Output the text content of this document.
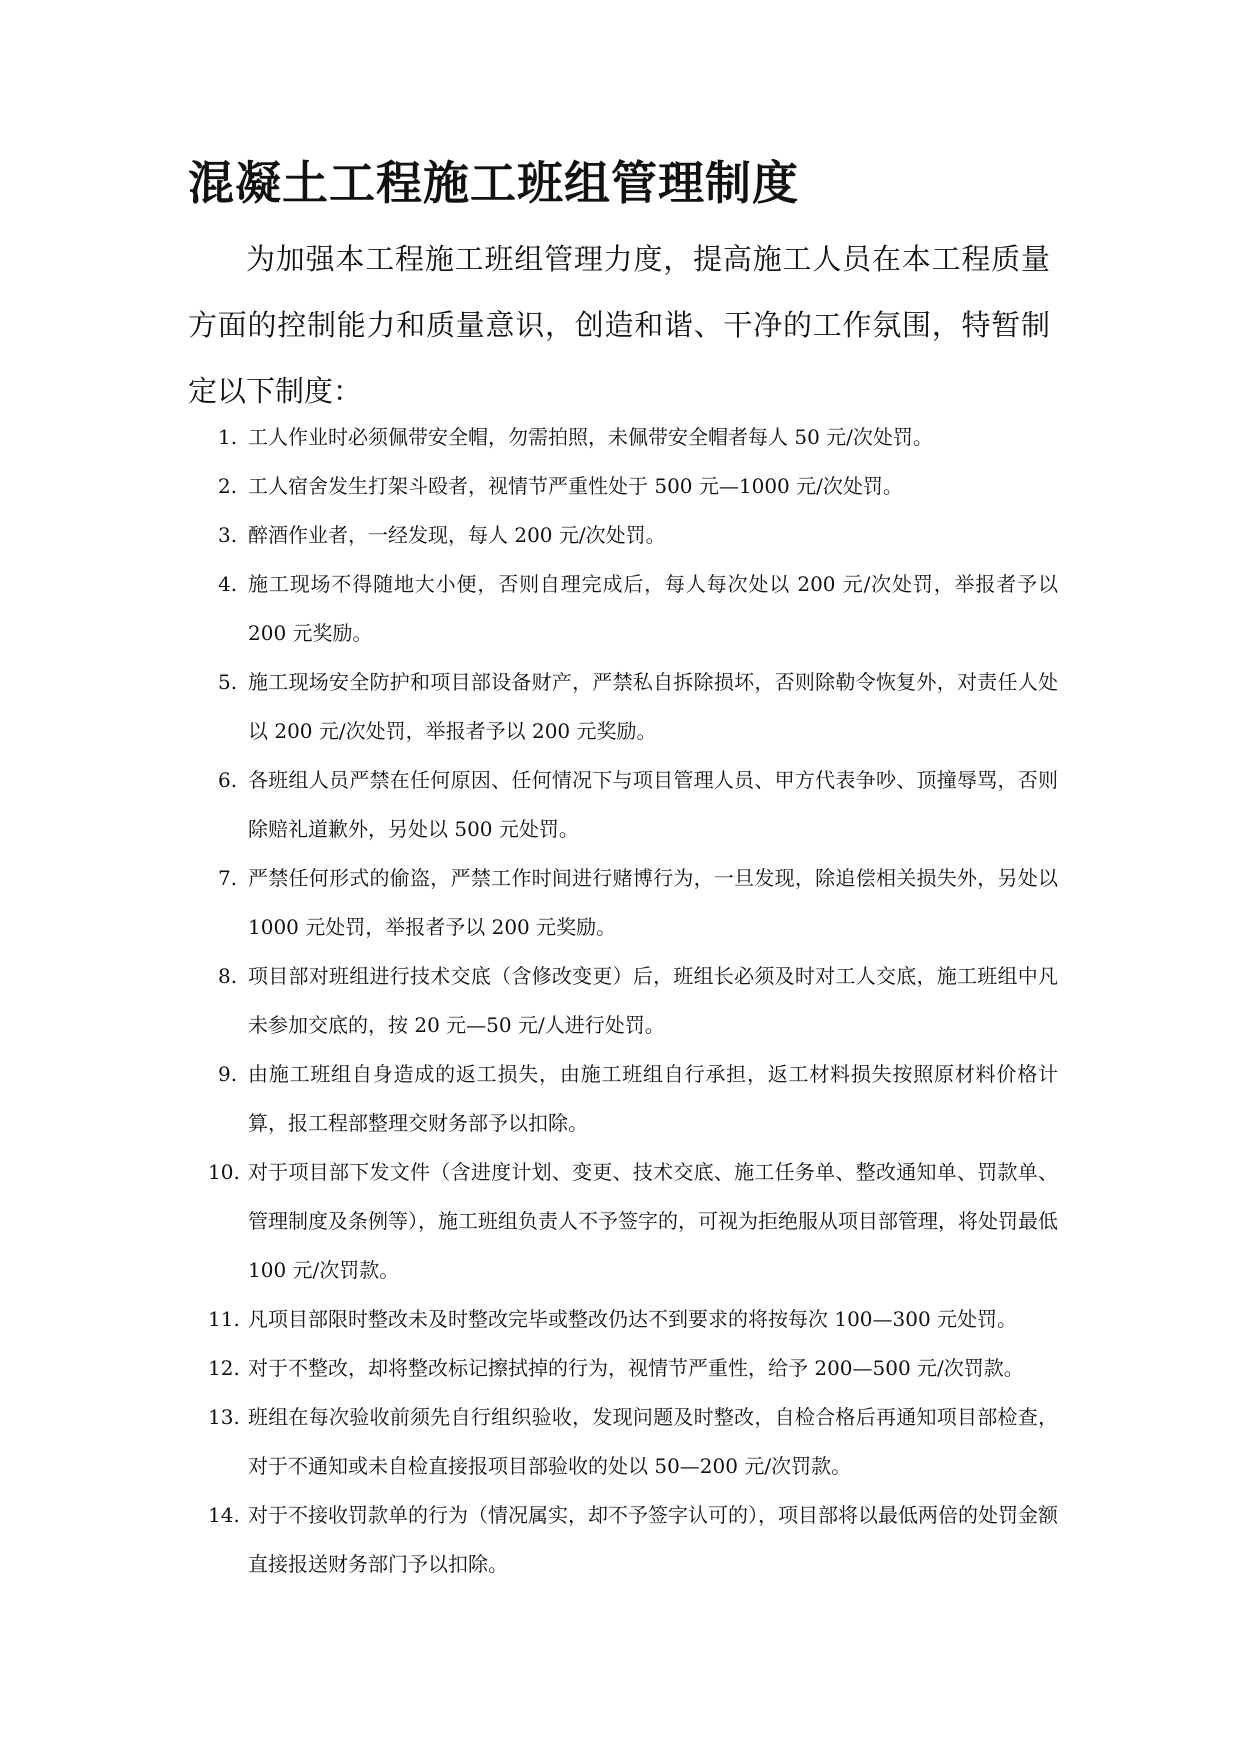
混凝土工程施工班组管理制度

为加强本工程施工班组管理力度，提高施工人员在本工程质量方面的控制能力和质量意识，创造和谐、干净的工作氛围，特暂制定以下制度：

1. 工人作业时必须佩带安全帽，勿需拍照，未佩带安全帽者每人 50 元/次处罚。
2. 工人宿舍发生打架斗殴者，视情节严重性处于 500 元—1000 元/次处罚。
3. 醉酒作业者，一经发现，每人 200 元/次处罚。
4. 施工现场不得随地大小便，否则自理完成后，每人每次处以 200 元/次处罚，举报者予以 200 元奖励。
5. 施工现场安全防护和项目部设备财产，严禁私自拆除损坏，否则除勒令恢复外，对责任人处以 200 元/次处罚，举报者予以 200 元奖励。
6. 各班组人员严禁在任何原因、任何情况下与项目管理人员、甲方代表争吵、顶撞辱骂，否则除赔礼道歉外，另处以 500 元处罚。
7. 严禁任何形式的偷盗，严禁工作时间进行赌博行为，一旦发现，除追偿相关损失外，另处以 1000 元处罚，举报者予以 200 元奖励。
8. 项目部对班组进行技术交底（含修改变更）后，班组长必须及时对工人交底，施工班组中凡未参加交底的，按 20 元—50 元/人进行处罚。
9. 由施工班组自身造成的返工损失，由施工班组自行承担，返工材料损失按照原材料价格计算，报工程部整理交财务部予以扣除。
10. 对于项目部下发文件（含进度计划、变更、技术交底、施工任务单、整改通知单、罚款单、管理制度及条例等），施工班组负责人不予签字的，可视为拒绝服从项目部管理，将处罚最低 100 元/次罚款。
11. 凡项目部限时整改未及时整改完毕或整改仍达不到要求的将按每次 100—300 元处罚。
12. 对于不整改，却将整改标记擦拭掉的行为，视情节严重性，给予 200—500 元/次罚款。
13. 班组在每次验收前须先自行组织验收，发现问题及时整改，自检合格后再通知项目部检查，对于不通知或未自检直接报项目部验收的处以 50—200 元/次罚款。
14. 对于不接收罚款单的行为（情况属实，却不予签字认可的），项目部将以最低两倍的处罚金额直接报送财务部门予以扣除。
